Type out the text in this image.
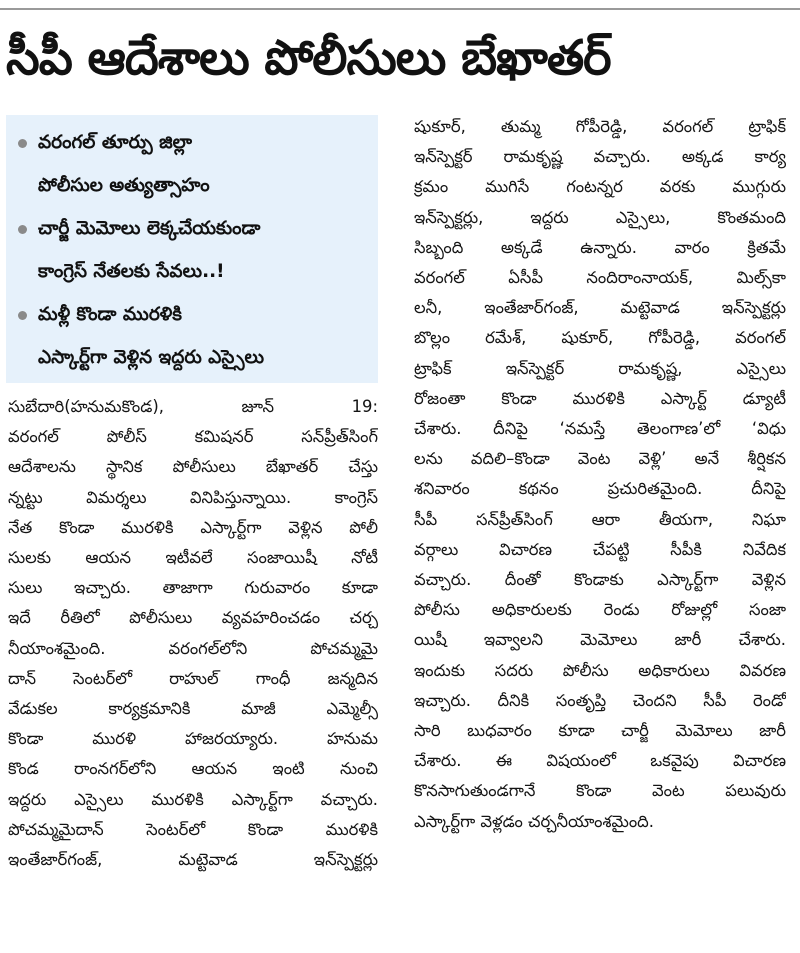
సీపీ ఆదేశాలు పోలీసులు బేఖాతర్
వరంగల్ తూర్పు జిల్లా
పోలీసుల అత్యుత్సాహం
చార్జీ మెమోలు లెక్కచేయకుండా
కాంగ్రెస్ నేతలకు సేవలు..!
మళ్లీ కొండా మురళికి
ఎస్కార్ట్‌గా వెళ్లిన ఇద్దరు ఎస్సైలు
సుబేదారి(హనుమకొండ), జూన్ 19:
వరంగల్ పోలీస్ కమిషనర్ సన్‌ప్రీత్‌సింగ్
ఆదేశాలను స్థానిక పోలీసులు బేఖాతర్ చేస్తు
న్నట్టు విమర్శలు వినిపిస్తున్నాయి. కాంగ్రెస్
నేత కొండా మురళికి ఎస్కార్ట్‌గా వెళ్లిన పోలీ
సులకు ఆయన ఇటీవలే సంజాయిషీ నోటీ
సులు ఇచ్చారు. తాజాగా గురువారం కూడా
ఇదే రీతిలో పోలీసులు వ్యవహరించడం చర్చ
నీయాంశమైంది. వరంగల్‌లోని పోచమ్మమై
దాన్ సెంటర్‌లో రాహుల్ గాంధీ జన్మదిన
వేడుకల కార్యక్రమానికి మాజీ ఎమ్మెల్సీ
కొండా మురళి హాజరయ్యారు. హనుమ
కొండ రాంనగర్‌లోని ఆయన ఇంటి నుంచి
ఇద్దరు ఎస్సైలు మురళికి ఎస్కార్ట్‌గా వచ్చారు.
పోచమ్మమైదాన్ సెంటర్‌లో కొండా మురళికి
ఇంతేజార్‌గంజ్, మట్టెవాడ ఇన్‌స్పెక్టర్లు
షుకూర్, తుమ్మ గోపీరెడ్డి, వరంగల్ ట్రాఫిక్
ఇన్‌స్పెక్టర్ రామకృష్ణ వచ్చారు. అక్కడ కార్య
క్రమం ముగిసే గంటన్నర వరకు ముగ్గురు
ఇన్‌స్పెక్టర్లు, ఇద్దరు ఎస్సైలు, కొంతమంది
సిబ్బంది అక్కడే ఉన్నారు. వారం క్రితమే
వరంగల్ ఏసీపీ నందిరాంనాయక్, మిల్స్‌కా
లనీ, ఇంతేజార్‌గంజ్, మట్టెవాడ ఇన్‌స్పెక్టర్లు
బొల్లం రమేశ్, షుకూర్, గోపీరెడ్డి, వరంగల్
ట్రాఫిక్ ఇన్‌స్పెక్టర్ రామకృష్ణ, ఎస్సైలు
రోజంతా కొండా మురళికి ఎస్కార్ట్ డ్యూటీ
చేశారు. దీనిపై ‘నమస్తే తెలంగాణ’లో ‘విధు
లను వదిలి–కొండా వెంట వెళ్లి’ అనే శీర్షికన
శనివారం కథనం ప్రచురితమైంది. దీనిపై
సీపీ సన్‌ప్రీత్‌సింగ్ ఆరా తీయగా, నిఘా
వర్గాలు విచారణ చేపట్టి సీపీకి నివేదిక
వచ్చారు. దీంతో కొండాకు ఎస్కార్ట్‌గా వెళ్లిన
పోలీసు అధికారులకు రెండు రోజుల్లో సంజా
యిషీ ఇవ్వాలని మెమోలు జారీ చేశారు.
ఇందుకు సదరు పోలీసు అధికారులు వివరణ
ఇచ్చారు. దీనికి సంతృప్తి చెందని సీపీ రెండో
సారి బుధవారం కూడా చార్జీ మెమోలు జారీ
చేశారు. ఈ విషయంలో ఒకవైపు విచారణ
కొనసాగుతుండగానే కొండా వెంట పలువురు
ఎస్కార్ట్‌గా వెళ్లడం చర్చనీయాంశమైంది.
